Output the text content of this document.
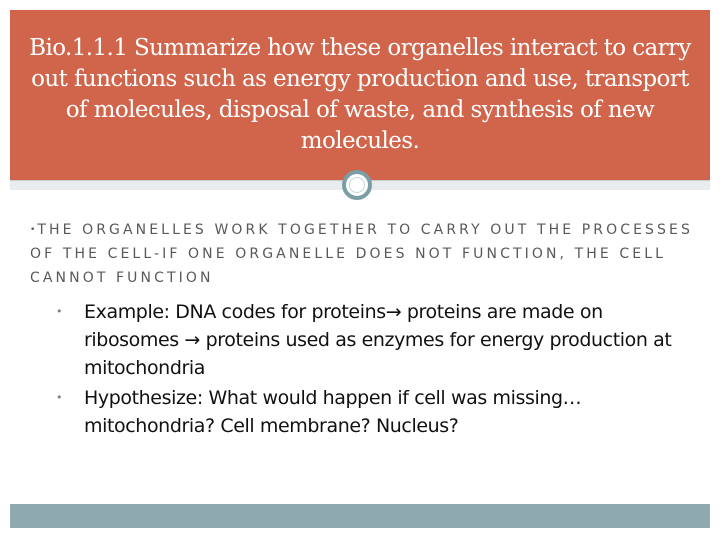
Bio.1.1.1 Summarize how these organelles interact to carry out functions such as energy production and use, transport of molecules, disposal of waste, and synthesis of new molecules.

• THE ORGANELLES WORK TOGETHER TO CARRY OUT THE PROCESSES OF THE CELL-IF ONE ORGANELLE DOES NOT FUNCTION, THE CELL CANNOT FUNCTION

• Example: DNA codes for proteins→ proteins are made on ribosomes → proteins used as enzymes for energy production at mitochondria
• Hypothesize: What would happen if cell was missing…mitochondria? Cell membrane? Nucleus?
